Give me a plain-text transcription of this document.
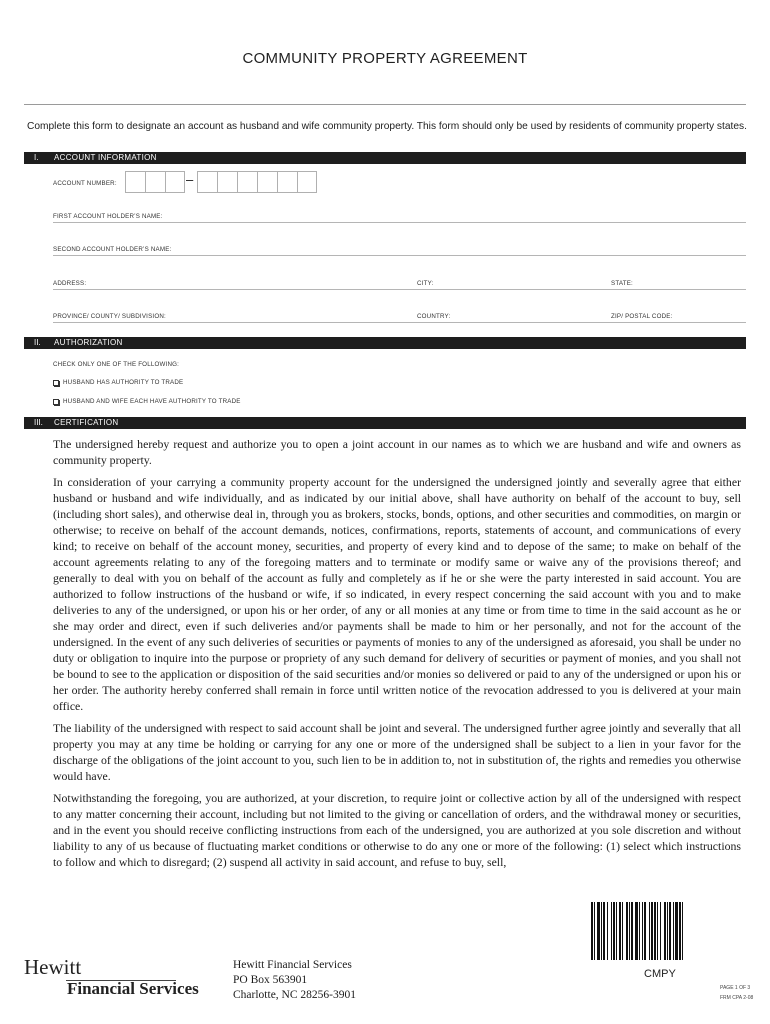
COMMUNITY PROPERTY AGREEMENT
Complete this form to designate an account as husband and wife community property. This form should only be used by residents of community property states.
I. ACCOUNT INFORMATION
ACCOUNT NUMBER:	–
FIRST ACCOUNT HOLDER’S NAME:
SECOND ACCOUNT HOLDER’S NAME:
ADDRESS:	CITY:	STATE:
PROVINCE/ COUNTY/ SUBDIVISION:	COUNTRY:	ZIP/ POSTAL CODE:
II. AUTHORIZATION
CHECK ONLY ONE OF THE FOLLOWING:
HUSBAND HAS AUTHORITY TO TRADE
HUSBAND AND WIFE EACH HAVE AUTHORITY TO TRADE
III. CERTIFICATION

The undersigned hereby request and authorize you to open a joint account in our names as to which we are husband and wife and owners as community property.

In consideration of your carrying a community property account for the undersigned the undersigned jointly and severally agree that either husband or husband and wife individually, and as indicated by our initial above, shall have authority on behalf of the account to buy, sell (including short sales), and otherwise deal in, through you as brokers, stocks, bonds, options, and other securities and commodities, on margin or otherwise; to receive on behalf of the account demands, notices, confirmations, reports, statements of account, and communications of every kind; to receive on behalf of the account money, securities, and property of every kind and to depose of the same; to make on behalf of the account agreements relating to any of the foregoing matters and to terminate or modify same or waive any of the provisions thereof; and generally to deal with you on behalf of the account as fully and completely as if he or she were the party interested in said account. You are authorized to follow instructions of the husband or wife, if so indicated, in every respect concerning the said account with you and to make deliveries to any of the undersigned, or upon his or her order, of any or all monies at any time or from time to time in the said account as he or she may order and direct, even if such deliveries and/or payments shall be made to him or her personally, and not for the account of the undersigned. In the event of any such deliveries of securities or payments of monies to any of the undersigned as aforesaid, you shall be under no duty or obligation to inquire into the purpose or propriety of any such demand for delivery of securities or payment of monies, and you shall not be bound to see to the application or disposition of the said securities and/or monies so delivered or paid to any of the undersigned or upon his or her order. The authority hereby conferred shall remain in force until written notice of the revocation addressed to you is delivered at your main office.

The liability of the undersigned with respect to said account shall be joint and several. The undersigned further agree jointly and severally that all property you may at any time be holding or carrying for any one or more of the undersigned shall be subject to a lien in your favor for the discharge of the obligations of the joint account to you, such lien to be in addition to, not in substitution of, the rights and remedies you otherwise would have.

Notwithstanding the foregoing, you are authorized, at your discretion, to require joint or collective action by all of the undersigned with respect to any matter concerning their account, including but not limited to the giving or cancellation of orders, and the withdrawal money or securities, and in the event you should receive conflicting instructions from each of the undersigned, you are authorized at you sole discretion and without liability to any of us because of fluctuating market conditions or otherwise to do any one or more of the following: (1) select which instructions to follow and which to disregard; (2) suspend all activity in said account, and refuse to buy, sell,

Hewitt
Financial Services
Hewitt Financial Services
PO Box 563901
Charlotte, NC 28256-3901
CMPY
PAGE 1 OF 3
FRM CPA 2-08
